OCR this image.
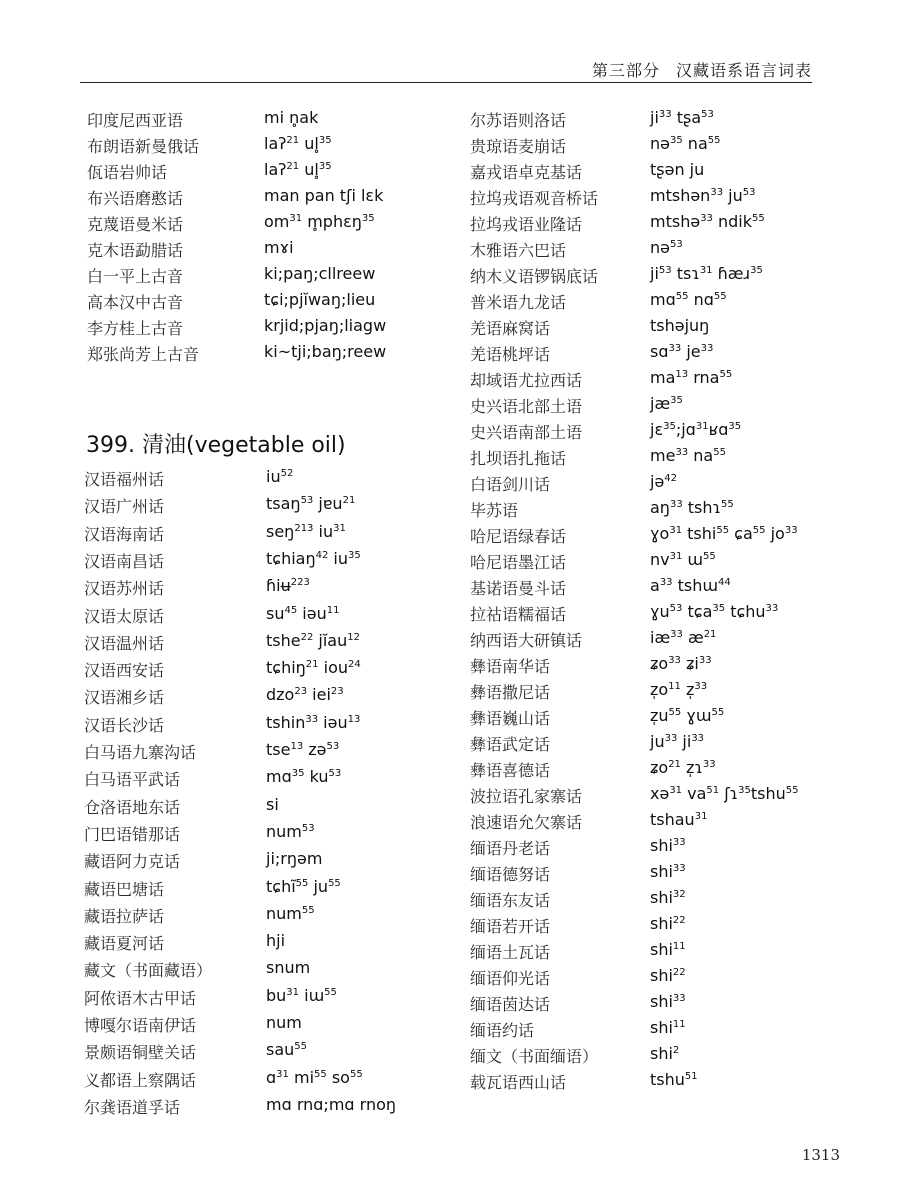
第三部分 汉藏语系语言词表
印度尼西亚语	mi n̥ak
布朗语新曼俄话	laʔ$^{21}$ ul̥$^{35}$
佤语岩帅话	laʔ$^{21}$ ul̥$^{35}$
布兴语磨憨话	man pan tʃi lɛk
克蔑语曼米话	$om^{31}$ m̥phɛŋ$^{35}$
克木语勐腊话	mɤi
白一平上古音	ki;paŋ;cllreew
高本汉中古音	tɕi;pjĭwaŋ;lieu
李方桂上古音	krjid;pjaŋ;liagw
郑张尚芳上古音	ki~tji;baŋ;reew
399. 清油(vegetable oil)
汉语福州话	$iu^{52}$
汉语广州话	tsaŋ$^{53}$ jɐu$^{21}$
汉语海南话	seŋ$^{213}$ $iu^{31}$
汉语南昌话	tɕhiaŋ$^{42}$ $iu^{35}$
汉语苏州话	ɦiʉ$^{223}$
汉语太原话	$su^{45}$ iəu$^{11}$
汉语温州话	tshe$^{22}$ jĭau$^{12}$
汉语西安话	tɕhiŋ$^{21}$ iou$^{24}$
汉语湘乡话	dzo$^{23}$ iei$^{23}$
汉语长沙话	tshin$^{33}$ iəu$^{13}$
白马语九寨沟话	tse$^{13}$ zə$^{53}$
白马语平武话	mɑ$^{35}$ $ku^{53}$
仓洛语地东话	si
门巴语错那话	num$^{53}$
藏语阿力克话	ji;rŋəm
藏语巴塘话	tɕhĩ$^{55}$ $ju^{55}$
藏语拉萨话	num$^{55}$
藏语夏河话	hji
藏文（书面藏语）	snum
阿侬语木古甲话	$bu^{31}$ iɯ$^{55}$
博嘎尔语南伊话	num
景颇语铜壁关话	sau$^{55}$
义都语上察隅话	ɑ$^{31}$ $mi^{55}$ $so^{55}$
尔龚语道孚话	mɑ rnɑ;mɑ rnoŋ
尔苏语则洛话	$ji^{33}$ tʂa$^{53}$
贵琼语麦崩话	nə$^{35}$ $na^{55}$
嘉戎语卓克基话	tʂən ju
拉坞戎语观音桥话	mtshən$^{33}$ $ju^{53}$
拉坞戎语业隆话	mtshə$^{33}$ ndik$^{55}$
木雅语六巴话	nə$^{53}$
纳木义语锣锅底话	$ji^{53}$ tsɿ$^{31}$ ɦæɹ$^{35}$
普米语九龙话	mɑ$^{55}$ nɑ$^{55}$
羌语麻窝话	tshəjuŋ
羌语桃坪话	sɑ$^{33}$ $je^{33}$
却域语尤拉西话	$ma^{13}$ rna$^{55}$
史兴语北部土语	$jæ^{35}$
史兴语南部土语	jɛ$^{35}$;jɑ$^{31}$ʁɑ$^{35}$
扎坝语扎拖话	$me^{33}$ $na^{55}$
白语剑川话	jə$^{42}$
毕苏语	$aŋ^{33}$ tshɿ$^{55}$
哈尼语绿春话	ɣo$^{31}$ tshi$^{55}$ ɕa$^{55}$ $jo^{33}$
哈尼语墨江话	$nv^{31}$ ɯ$^{55}$
基诺语曼斗话	$a^{33}$ tshɯ$^{44}$
拉祜语糯福话	ɣu$^{53}$ tɕa$^{35}$ tɕhu$^{33}$
纳西语大研镇话	$iæ^{33}$ $æ^{21}$
彝语南华话	ʑo$^{33}$ ʑi$^{33}$
彝语撒尼话	$z̩o^{11}$ z̩$^{33}$
彝语巍山话	$z̩u^{55}$ ɣɯ$^{55}$
彝语武定话	$ju^{33}$ $ji^{33}$
彝语喜德话	ʑo$^{21}$ z̩ɿ$^{33}$
波拉语孔家寨话	xə$^{31}$ $va^{51}$ ʃɿ$^{35}$tshu$^{55}$
浪速语允欠寨话	tshau$^{31}$
缅语丹老话	shi$^{33}$
缅语德努话	shi$^{33}$
缅语东友话	shi$^{32}$
缅语若开话	shi$^{22}$
缅语土瓦话	shi$^{11}$
缅语仰光话	shi$^{22}$
缅语茵达话	shi$^{33}$
缅语约话	shi$^{11}$
缅文（书面缅语）	shi$^2$
载瓦语西山话	tshu$^{51}$
1313
